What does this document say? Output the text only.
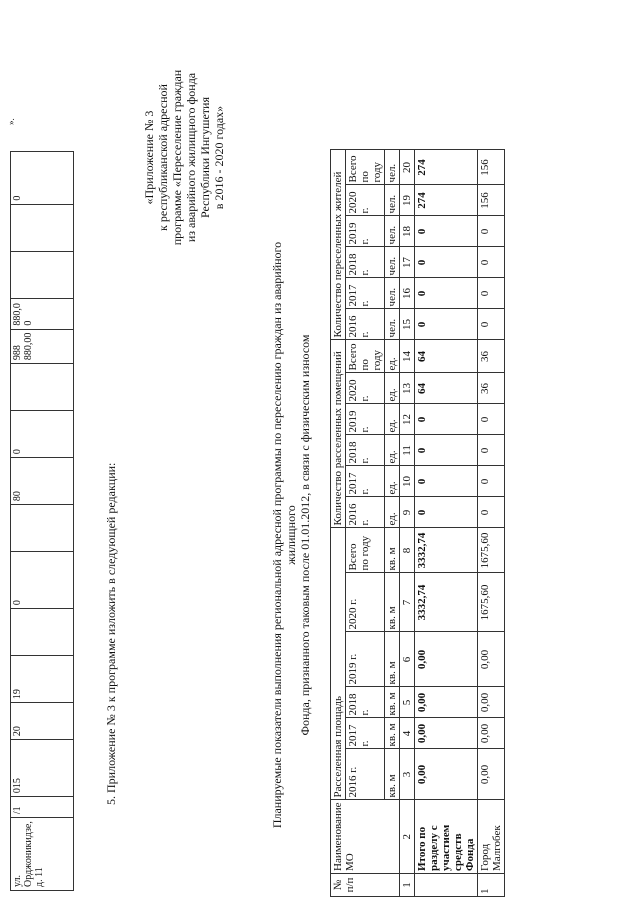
ул. Орджоникидзе, д. 11	/1	015	20	19		0		80	0		988 880,00	880,0 0			0
».
5. Приложение № 3 к программе изложить в следующей редакции:
«Приложение № 3 к республиканской адресной программе «Переселение граждан из аварийного жилищного фонда Республики Ингушетия в 2016 - 2020 годах»
Планируемые показатели выполнения региональной адресной программы по переселению граждан из аварийного жилищного Фонда, признанного таковым после 01.01.2012, в связи с физическим износом
№ п/п	Наименование МО	Расселенная площадь						Количество расселенных помещений						Количество переселенных жителей					
		2016 г.	2017 г.	2018 г.	2019 г.	2020 г.	Всего по году	2016 г.	2017 г.	2018 г.	2019 г.	2020 г.	Всего по году	2016 г.	2017 г.	2018 г.	2019 г.	2020 г.	Всего по году
		кв. м	кв. м	кв. м	кв. м	кв. м	кв. м	ед.	ед.	ед.	ед.	ед.	ед.	чел.	чел.	чел.	чел.	чел.	чел.
1	2	3	4	5	6	7	8	9	10	11	12	13	14	15	16	17	18	19	20
	Итого по разделу с участием средств Фонда	0,00	0,00	0,00	0,00	3332,74	3332,74	0	0	0	0	64	64	0	0	0	0	274	274
1	Город Малгобек	0,00	0,00	0,00	0,00	1675,60	1675,60	0	0	0	0	36	36	0	0	0	0	156	156
